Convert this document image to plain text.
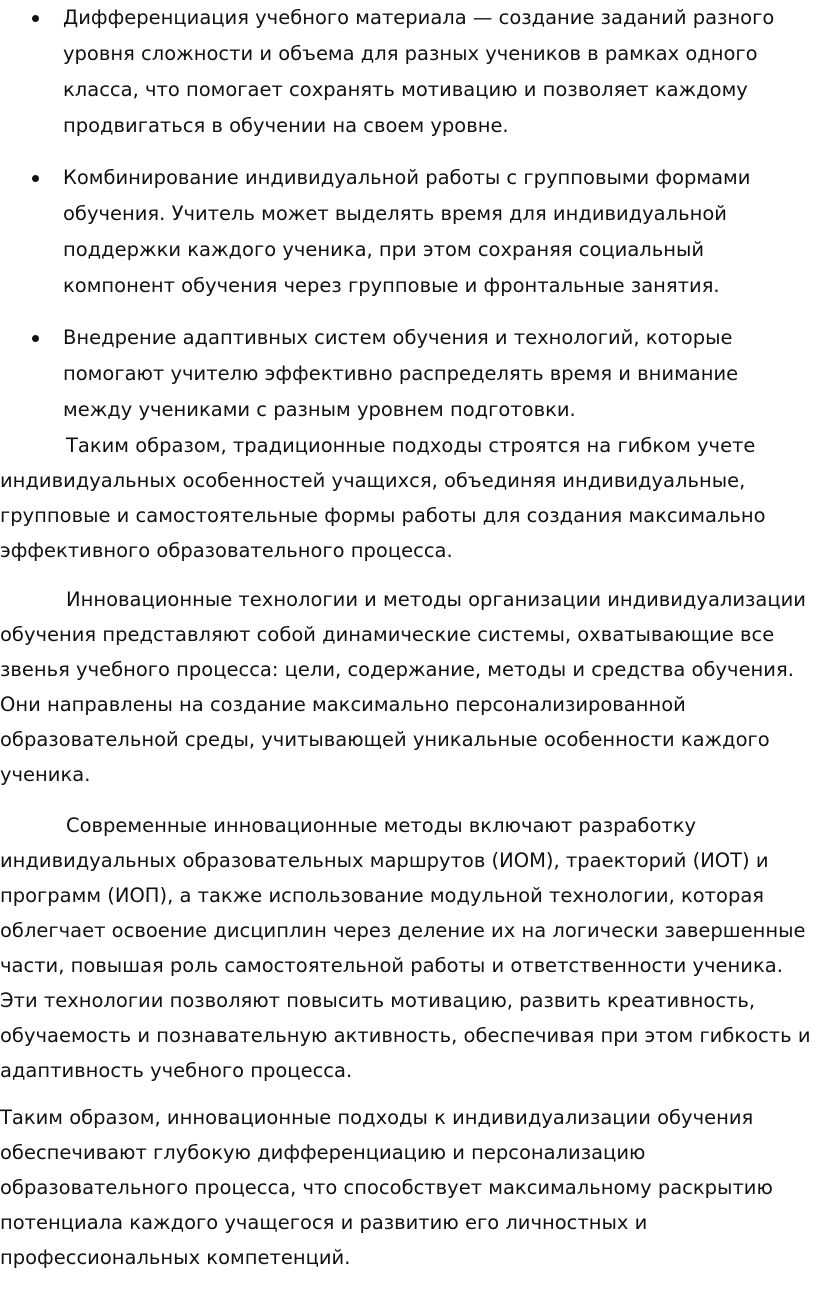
Дифференциация учебного материала — создание заданий разного уровня сложности и объема для разных учеников в рамках одного класса, что помогает сохранять мотивацию и позволяет каждому продвигаться в обучении на своем уровне.
Комбинирование индивидуальной работы с групповыми формами обучения. Учитель может выделять время для индивидуальной поддержки каждого ученика, при этом сохраняя социальный компонент обучения через групповые и фронтальные занятия.
Внедрение адаптивных систем обучения и технологий, которые помогают учителю эффективно распределять время и внимание между учениками с разным уровнем подготовки.

Таким образом, традиционные подходы строятся на гибком учете индивидуальных особенностей учащихся, объединяя индивидуальные, групповые и самостоятельные формы работы для создания максимально эффективного образовательного процесса.

Инновационные технологии и методы организации индивидуализации обучения представляют собой динамические системы, охватывающие все звенья учебного процесса: цели, содержание, методы и средства обучения. Они направлены на создание максимально персонализированной образовательной среды, учитывающей уникальные особенности каждого ученика.

Современные инновационные методы включают разработку индивидуальных образовательных маршрутов (ИОМ), траекторий (ИОТ) и программ (ИОП), а также использование модульной технологии, которая облегчает освоение дисциплин через деление их на логически завершенные части, повышая роль самостоятельной работы и ответственности ученика. Эти технологии позволяют повысить мотивацию, развить креативность, обучаемость и познавательную активность, обеспечивая при этом гибкость и адаптивность учебного процесса.

Таким образом, инновационные подходы к индивидуализации обучения обеспечивают глубокую дифференциацию и персонализацию образовательного процесса, что способствует максимальному раскрытию потенциала каждого учащегося и развитию его личностных и профессиональных компетенций.
